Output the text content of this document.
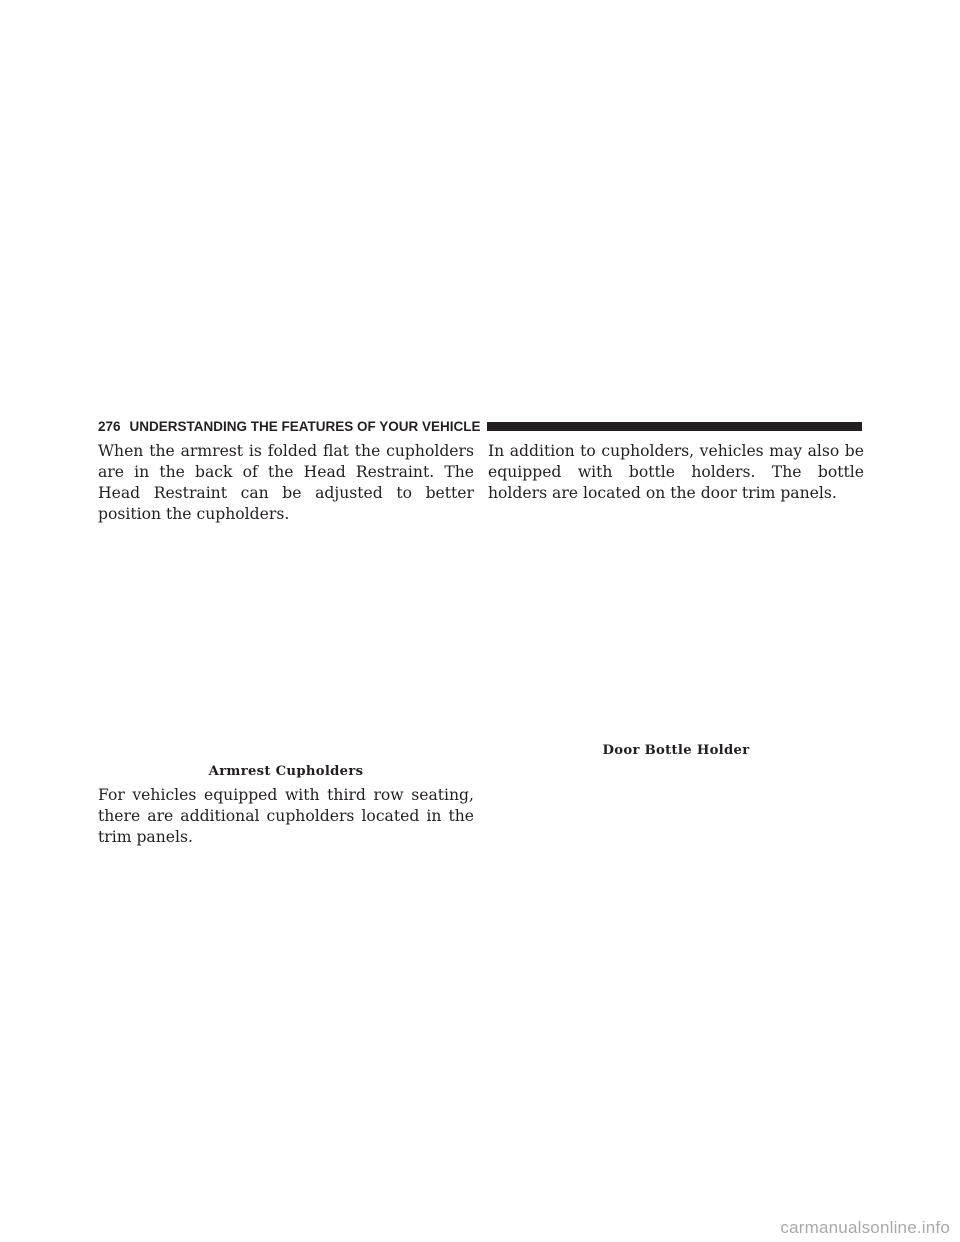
276 UNDERSTANDING THE FEATURES OF YOUR VEHICLE

When the armrest is folded flat the cupholders are in the back of the Head Restraint. The Head Restraint can be adjusted to better position the cupholders.

Armrest Cupholders

For vehicles equipped with third row seating, there are additional cupholders located in the trim panels.

In addition to cupholders, vehicles may also be equipped with bottle holders. The bottle holders are located on the door trim panels.

Door Bottle Holder

carmanualsonline.info
